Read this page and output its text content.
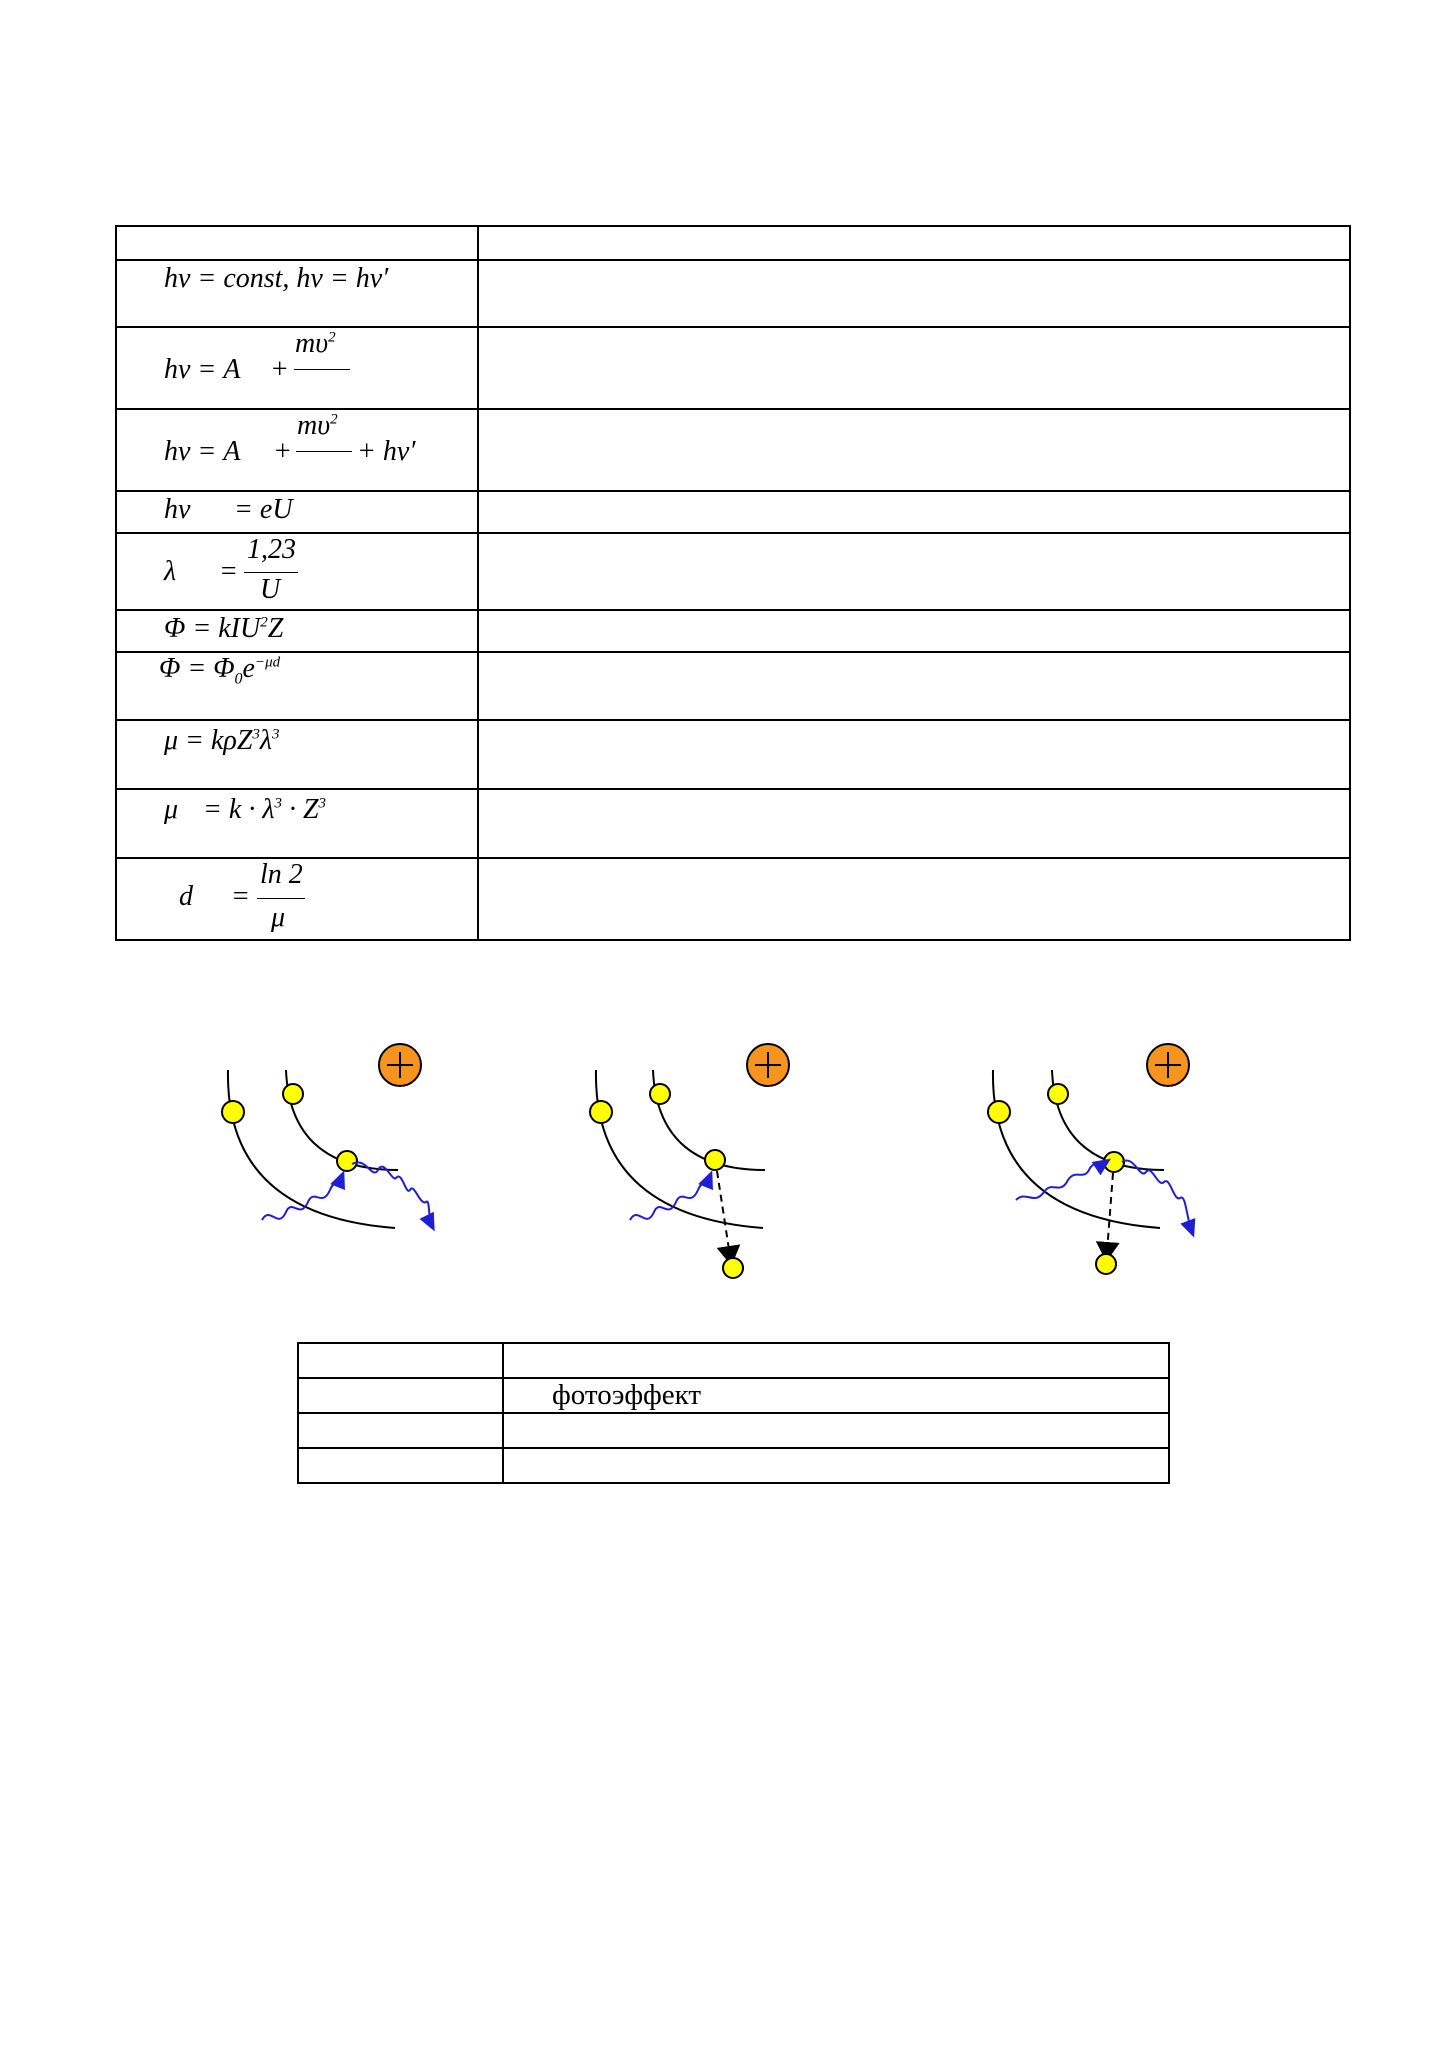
hν = const, hν = hν′	

hν = A +
$m\upsilon^2$

hν = A +
$m\upsilon^2$
+ hν′	

hν = eU	

λ =
1,23
U	

Φ = kIU$^2$Z	

$\Phi = \Phi_0e^{-\mu d}$

$\mu = k\rho Z^3\lambda^3$

$\mu = k \cdot \lambda^3 \cdot Z^3$

d =
ln 2
μ	

	фотоэффект
